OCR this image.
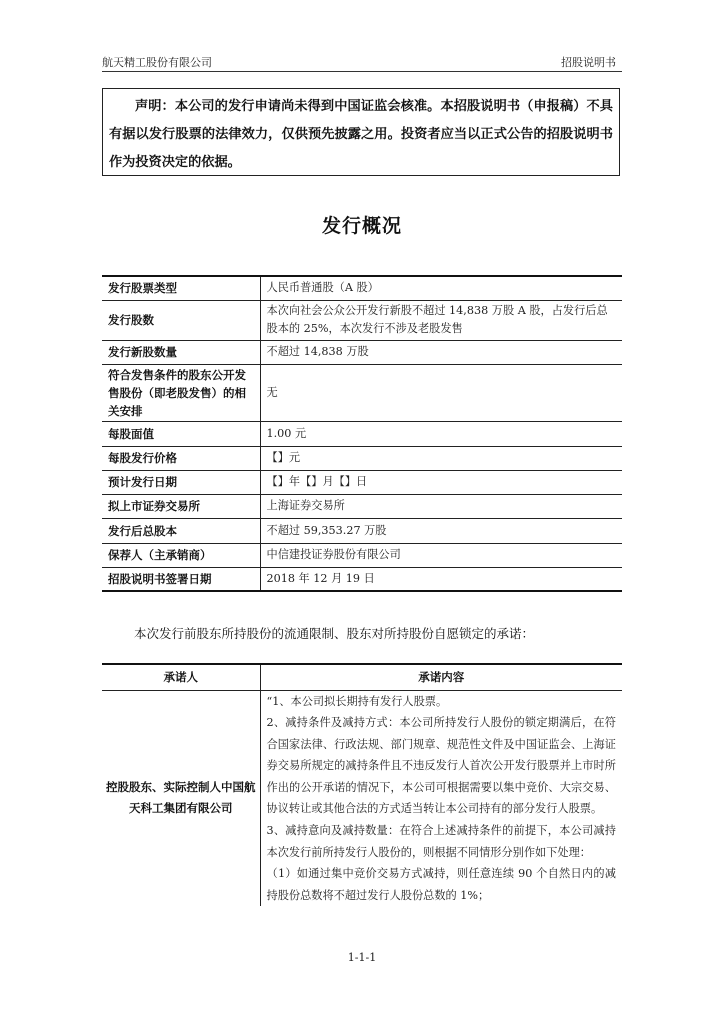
航天精工股份有限公司	招股说明书
声明：本公司的发行申请尚未得到中国证监会核准。本招股说明书（申报稿）不具有据以发行股票的法律效力，仅供预先披露之用。投资者应当以正式公告的招股说明书作为投资决定的依据。
发行概况
发行股票类型	人民币普通股（A 股）
发行股数	本次向社会公众公开发行新股不超过 14,838 万股 A 股，占发行后总股本的 25%，本次发行不涉及老股发售
发行新股数量	不超过 14,838 万股
符合发售条件的股东公开发售股份（即老股发售）的相关安排	无
每股面值	1.00 元
每股发行价格	【】元
预计发行日期	【】年【】月【】日
拟上市证券交易所	上海证券交易所
发行后总股本	不超过 59,353.27 万股
保荐人（主承销商）	中信建投证券股份有限公司
招股说明书签署日期	2018 年 12 月 19 日
本次发行前股东所持股份的流通限制、股东对所持股份自愿锁定的承诺：
承诺人	承诺内容
控股股东、实际控制人中国航天科工集团有限公司	“1、本公司拟长期持有发行人股票。

2、减持条件及减持方式：本公司所持发行人股份的锁定期满后，在符合国家法律、行政法规、部门规章、规范性文件及中国证监会、上海证券交易所规定的减持条件且不违反发行人首次公开发行股票并上市时所作出的公开承诺的情况下，本公司可根据需要以集中竞价、大宗交易、协议转让或其他合法的方式适当转让本公司持有的部分发行人股票。

3、减持意向及减持数量：在符合上述减持条件的前提下，本公司减持本次发行前所持发行人股份的，则根据不同情形分别作如下处理：

（1）如通过集中竞价交易方式减持，则任意连续 90 个自然日内的减持股份总数将不超过发行人股份总数的 1%；

1-1-1
